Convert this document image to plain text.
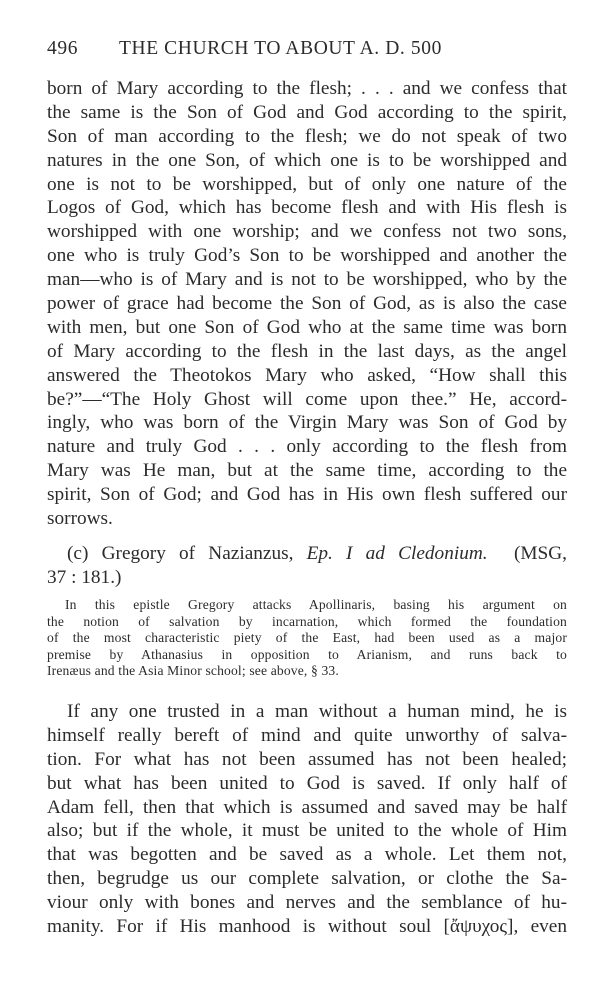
496 THE CHURCH TO ABOUT A. D. 500
born of Mary according to the flesh; . . . and we confess that
the same is the Son of God and God according to the spirit,
Son of man according to the flesh; we do not speak of two
natures in the one Son, of which one is to be worshipped and
one is not to be worshipped, but of only one nature of the
Logos of God, which has become flesh and with His flesh is
worshipped with one worship; and we confess not two sons,
one who is truly God’s Son to be worshipped and another the
man—who is of Mary and is not to be worshipped, who by the
power of grace had become the Son of God, as is also the case
with men, but one Son of God who at the same time was born
of Mary according to the flesh in the last days, as the angel
answered the Theotokos Mary who asked, “How shall this
be?”—“The Holy Ghost will come upon thee.” He, accord-
ingly, who was born of the Virgin Mary was Son of God by
nature and truly God . . . only according to the flesh from
Mary was He man, but at the same time, according to the
spirit, Son of God; and God has in His own flesh suffered our
sorrows.
(c) Gregory of Nazianzus, Ep. I ad Cledonium. (MSG,
37 : 181.)
In this epistle Gregory attacks Apollinaris, basing his argument on
the notion of salvation by incarnation, which formed the foundation
of the most characteristic piety of the East, had been used as a major
premise by Athanasius in opposition to Arianism, and runs back to
Irenæus and the Asia Minor school; see above, § 33.
If any one trusted in a man without a human mind, he is
himself really bereft of mind and quite unworthy of salva-
tion. For what has not been assumed has not been healed;
but what has been united to God is saved. If only half of
Adam fell, then that which is assumed and saved may be half
also; but if the whole, it must be united to the whole of Him
that was begotten and be saved as a whole. Let them not,
then, begrudge us our complete salvation, or clothe the Sa-
viour only with bones and nerves and the semblance of hu-
manity. For if His manhood is without soul [ἄψυχος], even
